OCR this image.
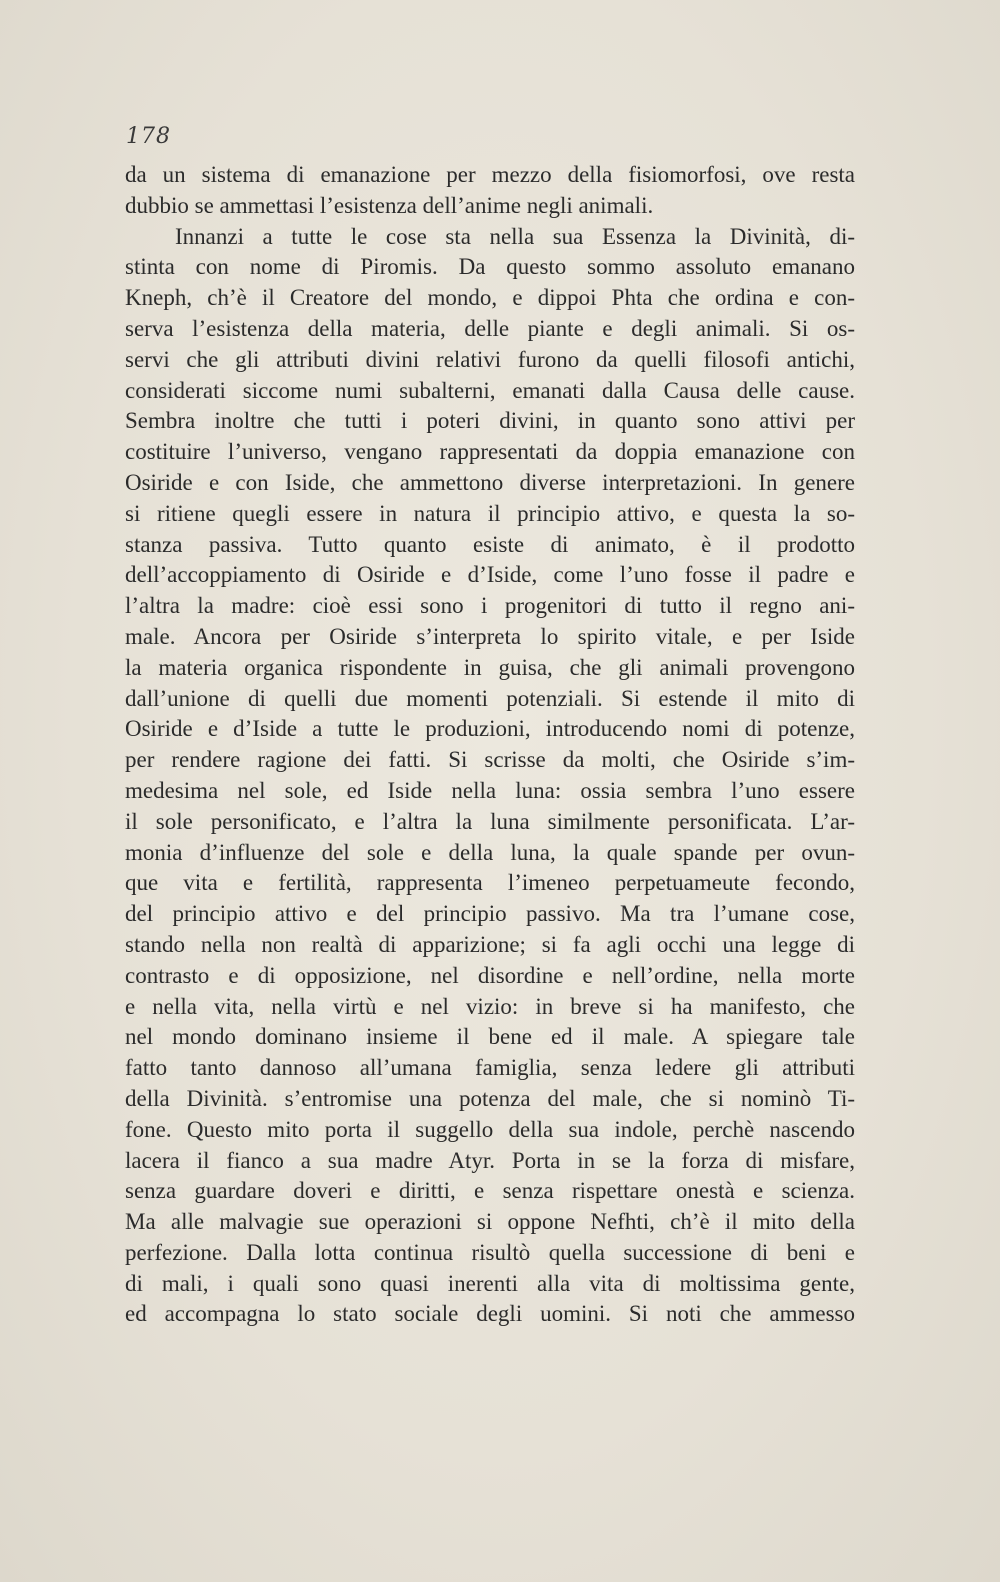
178
da un sistema di emanazione per mezzo della fisiomorfosi, ove resta
dubbio se ammettasi l’esistenza dell’anime negli animali.
Innanzi a tutte le cose sta nella sua Essenza la Divinità, di-
stinta con nome di Piromis. Da questo sommo assoluto emanano
Kneph, ch’è il Creatore del mondo, e dippoi Phta che ordina e con-
serva l’esistenza della materia, delle piante e degli animali. Si os-
servi che gli attributi divini relativi furono da quelli filosofi antichi,
considerati siccome numi subalterni, emanati dalla Causa delle cause.
Sembra inoltre che tutti i poteri divini, in quanto sono attivi per
costituire l’universo, vengano rappresentati da doppia emanazione con
Osiride e con Iside, che ammettono diverse interpretazioni. In genere
si ritiene quegli essere in natura il principio attivo, e questa la so-
stanza passiva. Tutto quanto esiste di animato, è il prodotto
dell’accoppiamento di Osiride e d’Iside, come l’uno fosse il padre e
l’altra la madre: cioè essi sono i progenitori di tutto il regno ani-
male. Ancora per Osiride s’interpreta lo spirito vitale, e per Iside
la materia organica rispondente in guisa, che gli animali provengono
dall’unione di quelli due momenti potenziali. Si estende il mito di
Osiride e d’Iside a tutte le produzioni, introducendo nomi di potenze,
per rendere ragione dei fatti. Si scrisse da molti, che Osiride s’im-
medesima nel sole, ed Iside nella luna: ossia sembra l’uno essere
il sole personificato, e l’altra la luna similmente personificata. L’ar-
monia d’influenze del sole e della luna, la quale spande per ovun-
que vita e fertilità, rappresenta l’imeneo perpetuameute fecondo,
del principio attivo e del principio passivo. Ma tra l’umane cose,
stando nella non realtà di apparizione; si fa agli occhi una legge di
contrasto e di opposizione, nel disordine e nell’ordine, nella morte
e nella vita, nella virtù e nel vizio: in breve si ha manifesto, che
nel mondo dominano insieme il bene ed il male. A spiegare tale
fatto tanto dannoso all’umana famiglia, senza ledere gli attributi
della Divinità. s’entromise una potenza del male, che si nominò Ti-
fone. Questo mito porta il suggello della sua indole, perchè nascendo
lacera il fianco a sua madre Atyr. Porta in se la forza di misfare,
senza guardare doveri e diritti, e senza rispettare onestà e scienza.
Ma alle malvagie sue operazioni si oppone Nefhti, ch’è il mito della
perfezione. Dalla lotta continua risultò quella successione di beni e
di mali, i quali sono quasi inerenti alla vita di moltissima gente,
ed accompagna lo stato sociale degli uomini. Si noti che ammesso
